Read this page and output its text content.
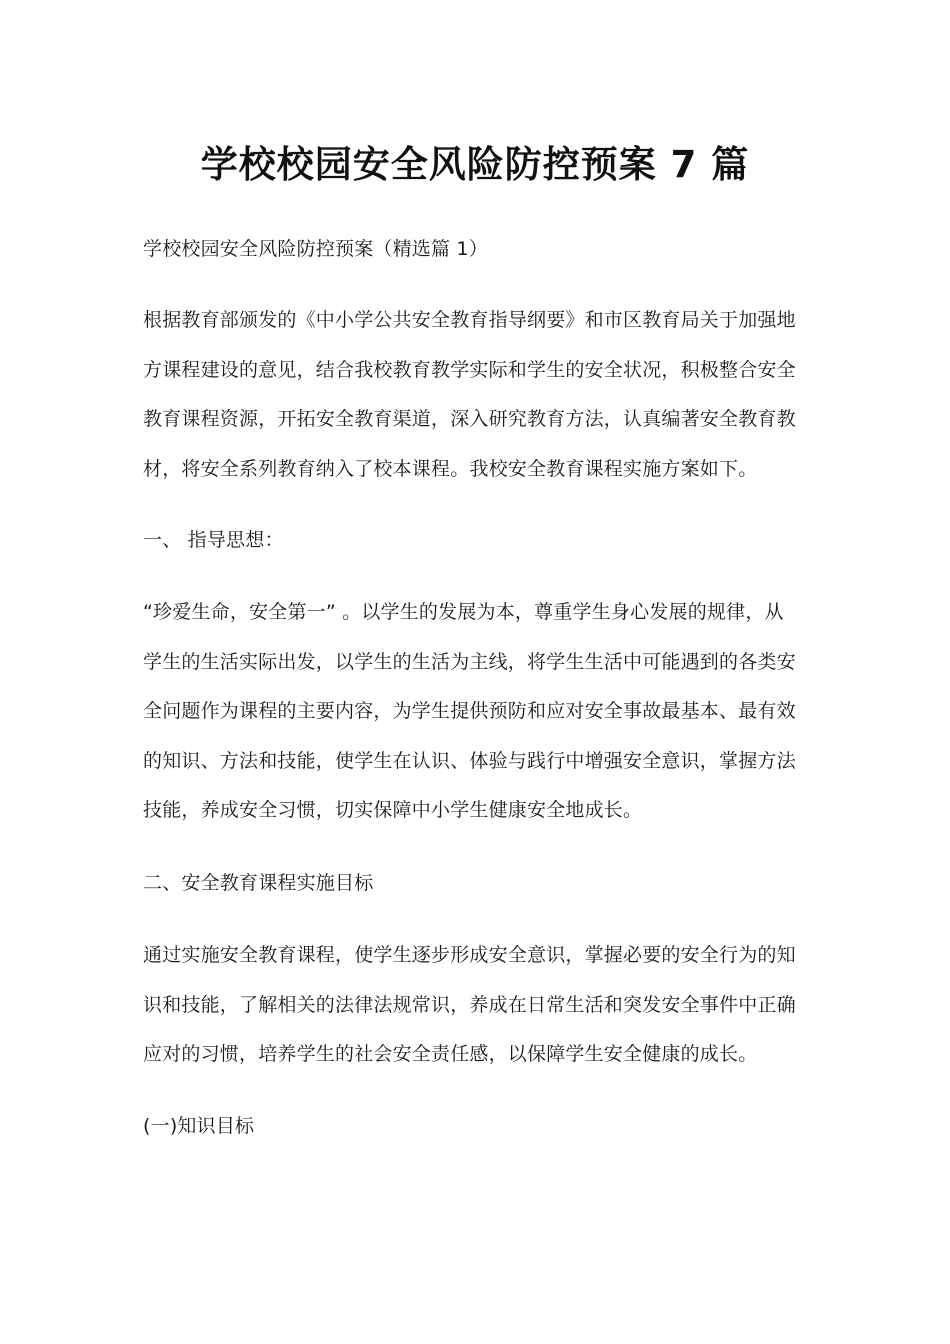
学校校园安全风险防控预案 7 篇
学校校园安全风险防控预案（精选篇 1）
根据教育部颁发的《中小学公共安全教育指导纲要》和市区教育局关于加强地
方课程建设的意见，结合我校教育教学实际和学生的安全状况，积极整合安全
教育课程资源，开拓安全教育渠道，深入研究教育方法，认真编著安全教育教
材，将安全系列教育纳入了校本课程。我校安全教育课程实施方案如下。
一、 指导思想：
“珍爱生命，安全第一” 。以学生的发展为本，尊重学生身心发展的规律，从
学生的生活实际出发，以学生的生活为主线，将学生生活中可能遇到的各类安
全问题作为课程的主要内容，为学生提供预防和应对安全事故最基本、最有效
的知识、方法和技能，使学生在认识、体验与践行中增强安全意识，掌握方法
技能，养成安全习惯，切实保障中小学生健康安全地成长。
二、安全教育课程实施目标
通过实施安全教育课程，使学生逐步形成安全意识，掌握必要的安全行为的知
识和技能，了解相关的法律法规常识，养成在日常生活和突发安全事件中正确
应对的习惯，培养学生的社会安全责任感，以保障学生安全健康的成长。
(一)知识目标
